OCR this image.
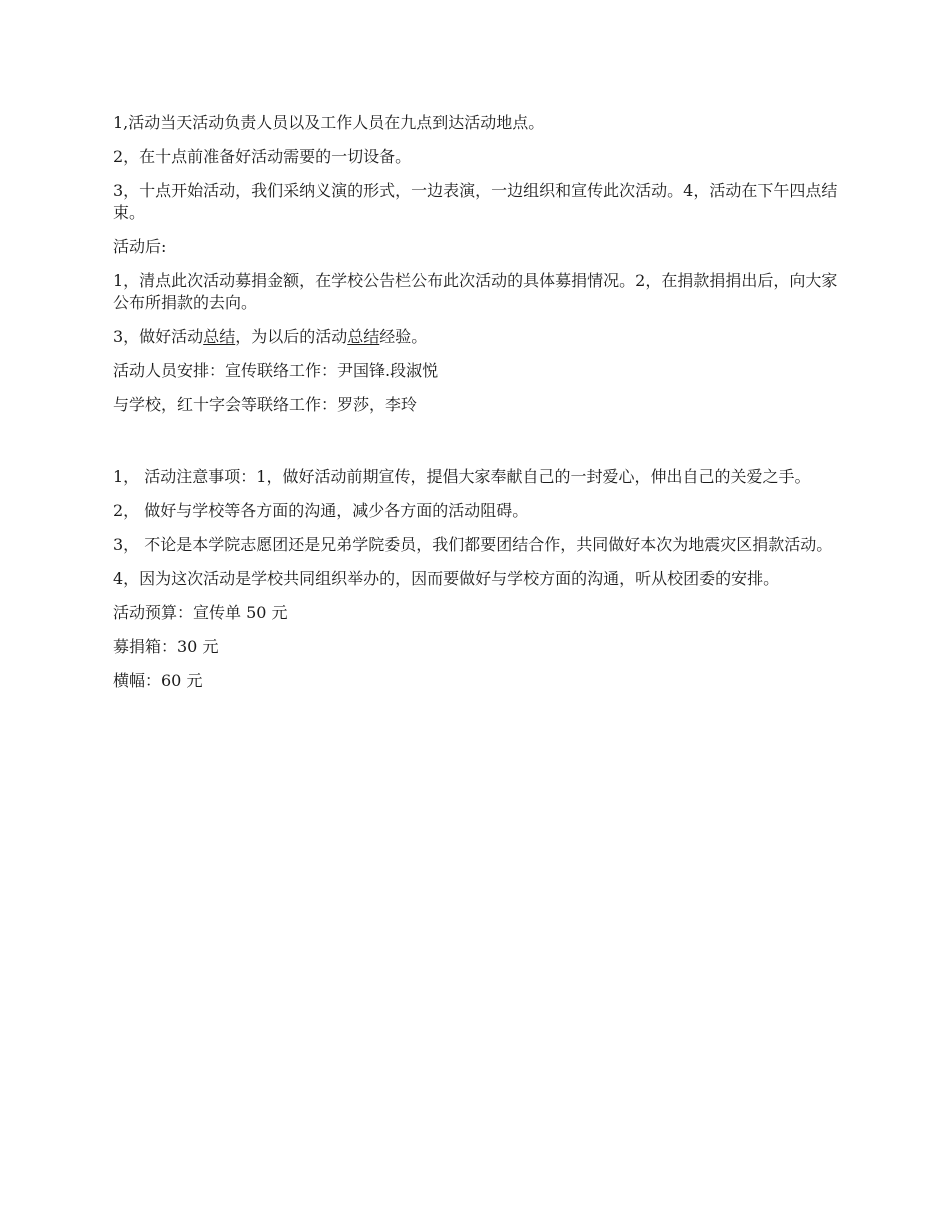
1,活动当天活动负责人员以及工作人员在九点到达活动地点。

2，在十点前准备好活动需要的一切设备。

3，十点开始活动，我们采纳义演的形式，一边表演，一边组织和宣传此次活动。4，活动在下午四点结束。

活动后:

1，清点此次活动募捐金额，在学校公告栏公布此次活动的具体募捐情况。2，在捐款捐捐出后，向大家公布所捐款的去向。

3，做好活动总结，为以后的活动总结经验。

活动人员安排：宣传联络工作：尹国锋.段淑悦

与学校，红十字会等联络工作：罗莎，李玲

1， 活动注意事项：1，做好活动前期宣传，提倡大家奉献自己的一封爱心，伸出自己的关爱之手。

2， 做好与学校等各方面的沟通，减少各方面的活动阻碍。

3， 不论是本学院志愿团还是兄弟学院委员，我们都要团结合作，共同做好本次为地震灾区捐款活动。

4，因为这次活动是学校共同组织举办的，因而要做好与学校方面的沟通，听从校团委的安排。

活动预算：宣传单 50 元

募捐箱：30 元

横幅：60 元
